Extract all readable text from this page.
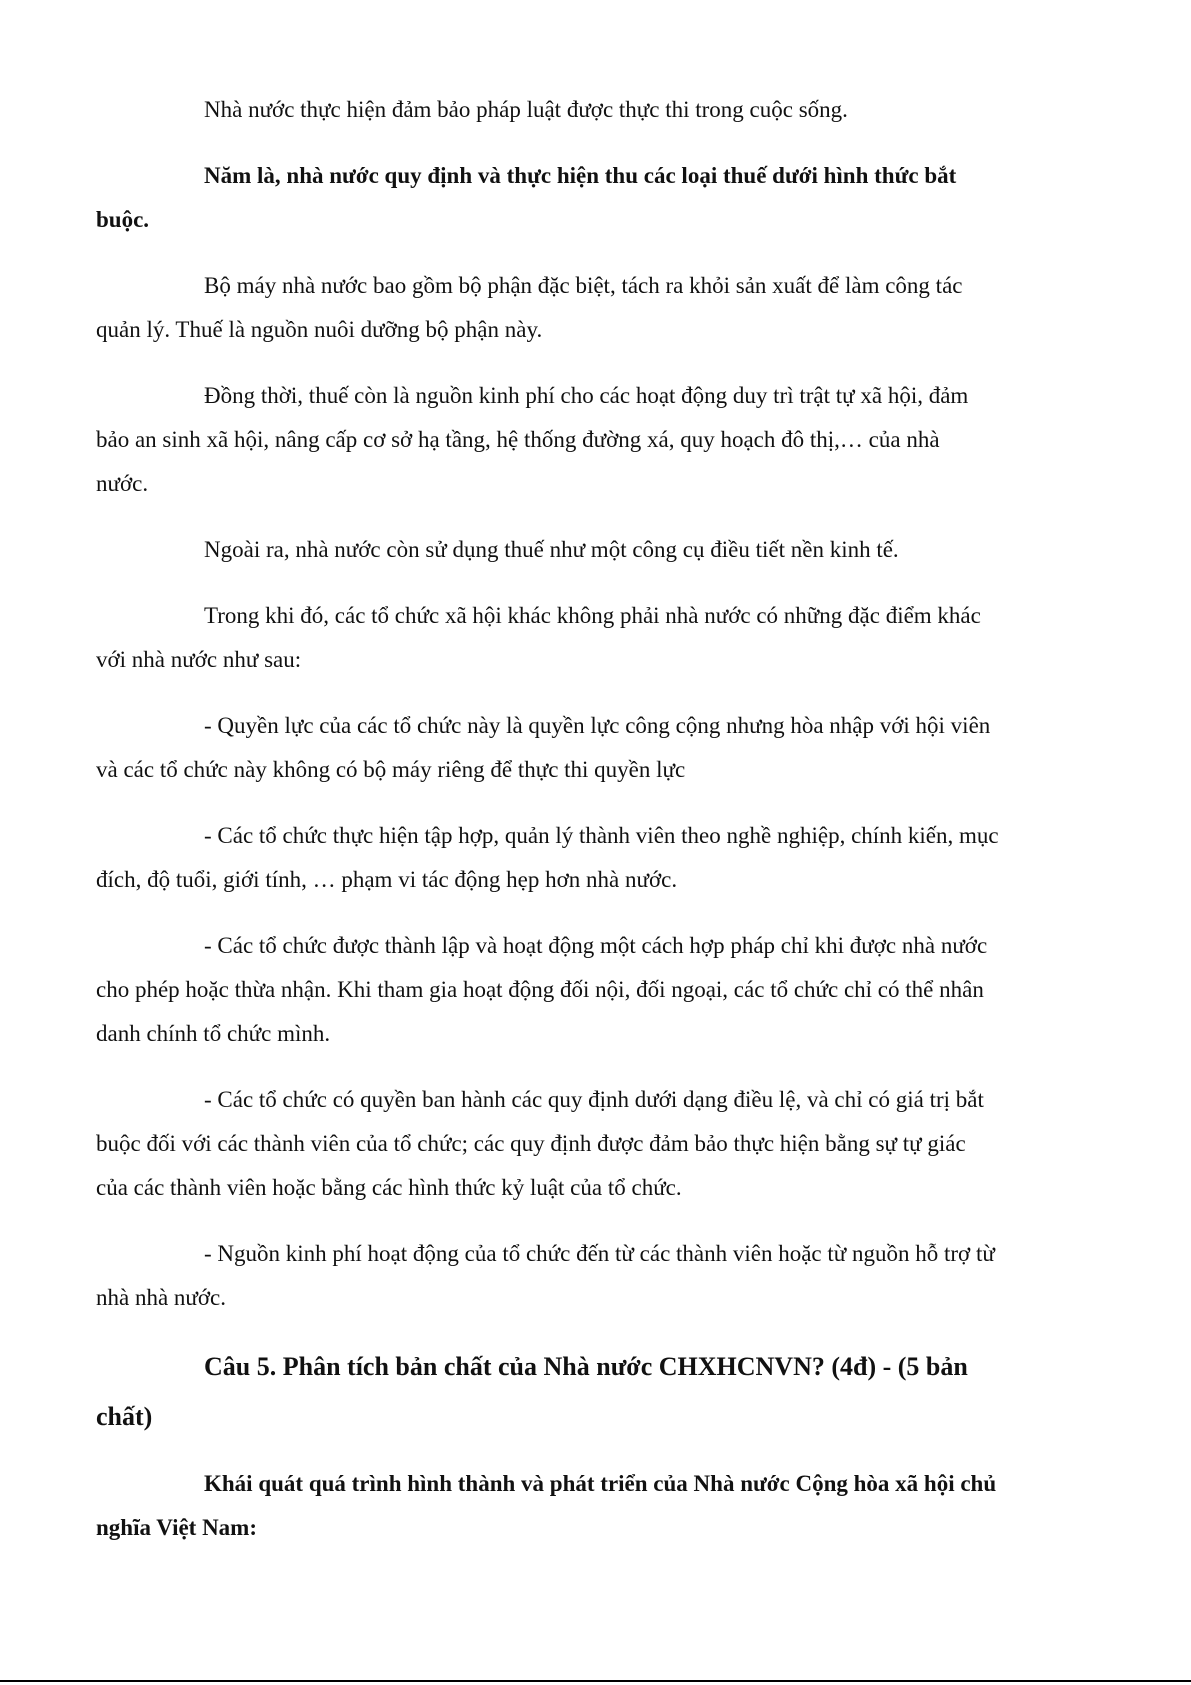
Nhà nước thực hiện đảm bảo pháp luật được thực thi trong cuộc sống.
Năm là, nhà nước quy định và thực hiện thu các loại thuế dưới hình thức bắt
buộc.
Bộ máy nhà nước bao gồm bộ phận đặc biệt, tách ra khỏi sản xuất để làm công tác
quản lý. Thuế là nguồn nuôi dưỡng bộ phận này.
Đồng thời, thuế còn là nguồn kinh phí cho các hoạt động duy trì trật tự xã hội, đảm
bảo an sinh xã hội, nâng cấp cơ sở hạ tầng, hệ thống đường xá, quy hoạch đô thị,… của nhà
nước.
Ngoài ra, nhà nước còn sử dụng thuế như một công cụ điều tiết nền kinh tế.
Trong khi đó, các tổ chức xã hội khác không phải nhà nước có những đặc điểm khác
với nhà nước như sau:
- Quyền lực của các tổ chức này là quyền lực công cộng nhưng hòa nhập với hội viên
và các tổ chức này không có bộ máy riêng để thực thi quyền lực
- Các tổ chức thực hiện tập hợp, quản lý thành viên theo nghề nghiệp, chính kiến, mục
đích, độ tuổi, giới tính, … phạm vi tác động hẹp hơn nhà nước.
- Các tổ chức được thành lập và hoạt động một cách hợp pháp chỉ khi được nhà nước
cho phép hoặc thừa nhận. Khi tham gia hoạt động đối nội, đối ngoại, các tổ chức chỉ có thể nhân
danh chính tổ chức mình.
- Các tổ chức có quyền ban hành các quy định dưới dạng điều lệ, và chỉ có giá trị bắt
buộc đối với các thành viên của tổ chức; các quy định được đảm bảo thực hiện bằng sự tự giác
của các thành viên hoặc bằng các hình thức kỷ luật của tổ chức.
- Nguồn kinh phí hoạt động của tổ chức đến từ các thành viên hoặc từ nguồn hỗ trợ từ
nhà nhà nước.
Câu 5. Phân tích bản chất của Nhà nước CHXHCNVN? (4đ) - (5 bản
chất)
Khái quát quá trình hình thành và phát triển của Nhà nước Cộng hòa xã hội chủ
nghĩa Việt Nam:
